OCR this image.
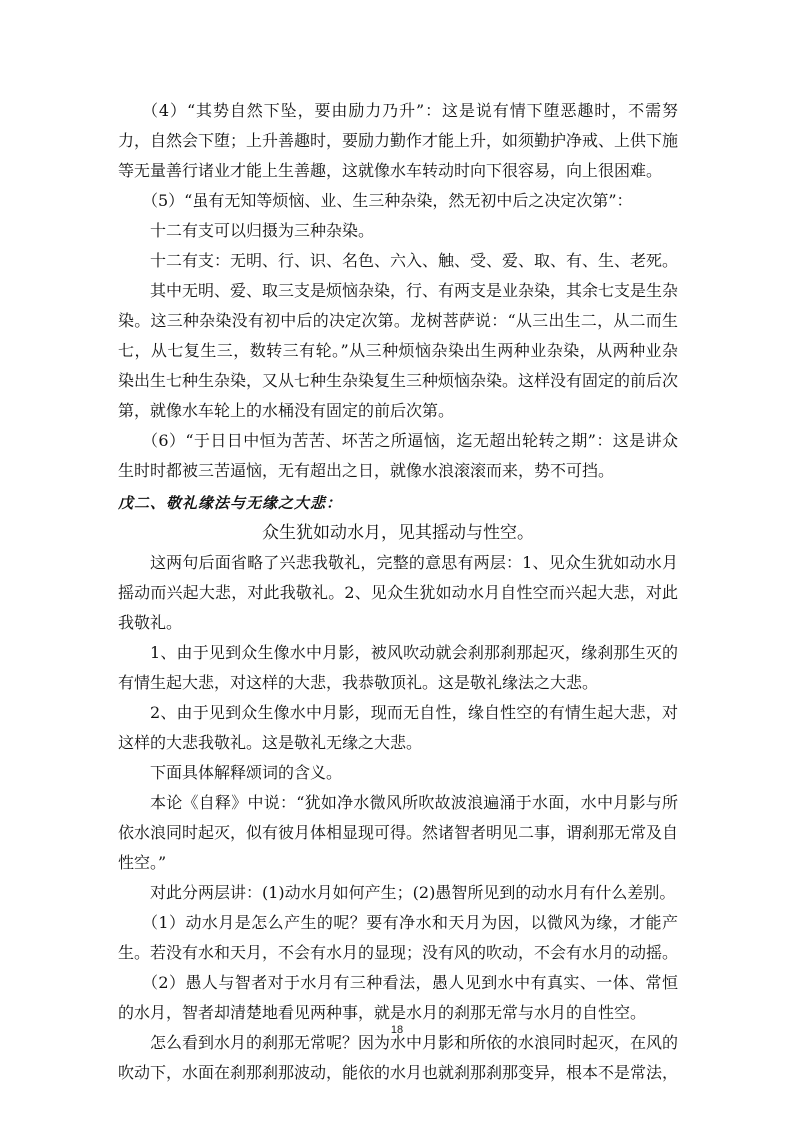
（4）“其势自然下坠，要由励力乃升”：这是说有情下堕恶趣时，不需努力，自然会下堕；上升善趣时，要励力勤作才能上升，如须勤护净戒、上供下施等无量善行诸业才能上生善趣，这就像水车转动时向下很容易，向上很困难。

（5）“虽有无知等烦恼、业、生三种杂染，然无初中后之决定次第”：

十二有支可以归摄为三种杂染。

十二有支：无明、行、识、名色、六入、触、受、爱、取、有、生、老死。

其中无明、爱、取三支是烦恼杂染，行、有两支是业杂染，其余七支是生杂染。这三种杂染没有初中后的决定次第。龙树菩萨说：“从三出生二，从二而生七，从七复生三，数转三有轮。”从三种烦恼杂染出生两种业杂染，从两种业杂染出生七种生杂染，又从七种生杂染复生三种烦恼杂染。这样没有固定的前后次第，就像水车轮上的水桶没有固定的前后次第。

（6）“于日日中恒为苦苦、坏苦之所逼恼，迄无超出轮转之期”：这是讲众生时时都被三苦逼恼，无有超出之日，就像水浪滚滚而来，势不可挡。

戊二、敬礼缘法与无缘之大悲：

众生犹如动水月，见其摇动与性空。

这两句后面省略了兴悲我敬礼，完整的意思有两层：1、见众生犹如动水月摇动而兴起大悲，对此我敬礼。2、见众生犹如动水月自性空而兴起大悲，对此我敬礼。

1、由于见到众生像水中月影，被风吹动就会刹那刹那起灭，缘刹那生灭的有情生起大悲，对这样的大悲，我恭敬顶礼。这是敬礼缘法之大悲。

2、由于见到众生像水中月影，现而无自性，缘自性空的有情生起大悲，对这样的大悲我敬礼。这是敬礼无缘之大悲。

下面具体解释颂词的含义。

本论《自释》中说：“犹如净水微风所吹故波浪遍涌于水面，水中月影与所依水浪同时起灭，似有彼月体相显现可得。然诸智者明见二事，谓刹那无常及自性空。”

对此分两层讲：(1)动水月如何产生；(2)愚智所见到的动水月有什么差别。

（1）动水月是怎么产生的呢？要有净水和天月为因，以微风为缘，才能产生。若没有水和天月，不会有水月的显现；没有风的吹动，不会有水月的动摇。

（2）愚人与智者对于水月有三种看法，愚人见到水中有真实、一体、常恒的水月，智者却清楚地看见两种事，就是水月的刹那无常与水月的自性空。

怎么看到水月的刹那无常呢？因为水中月影和所依的水浪同时起灭，在风的吹动下，水面在刹那刹那波动，能依的水月也就刹那刹那变异，根本不是常法，

18
